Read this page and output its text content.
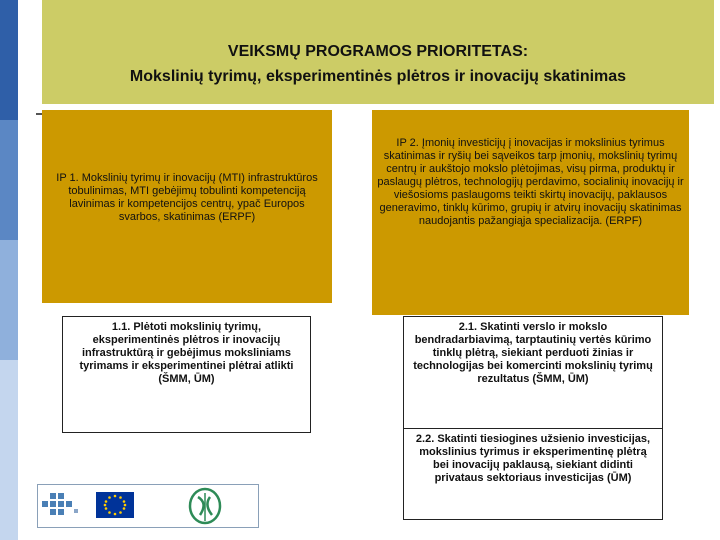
VEIKSMŲ PROGRAMOS PRIORITETAS:
Mokslinių tyrimų, eksperimentinės plėtros ir inovacijų skatinimas
IP 1. Mokslinių tyrimų ir inovacijų (MTI) infrastruktūros tobulinimas, MTI gebėjimų tobulinti kompetenciją lavinimas ir kompetencijos centrų, ypač Europos svarbos, skatinimas (ERPF)
IP 2. Įmonių investicijų į inovacijas ir mokslinius tyrimus skatinimas ir ryšių bei sąveikos tarp įmonių, mokslinių tyrimų centrų ir aukštojo mokslo plėtojimas, visų pirma, produktų ir paslaugų plėtros, technologijų perdavimo, socialinių inovacijų ir viešosioms paslaugoms teikti skirtų inovacijų, paklausos generavimo, tinklų kūrimo, grupių ir atvirų inovacijų skatinimas naudojantis pažangiąja specializacija. (ERPF)
1.1. Plėtoti mokslinių tyrimų, eksperimentinės plėtros ir inovacijų infrastruktūrą ir gebėjimus moksliniams tyrimams ir eksperimentinei plėtrai atlikti (ŠMM, ŪM)
2.1. Skatinti verslo ir mokslo bendradarbiavimą, tarptautinių vertės kūrimo tinklų plėtrą, siekiant perduoti žinias ir technologijas bei komercinti mokslinių tyrimų rezultatus (ŠMM, ŪM)
2.2. Skatinti tiesiogines užsienio investicijas, mokslinius tyrimus ir eksperimentinę plėtrą bei inovacijų paklausą, siekiant didinti privataus sektoriaus investicijas (ŪM)
